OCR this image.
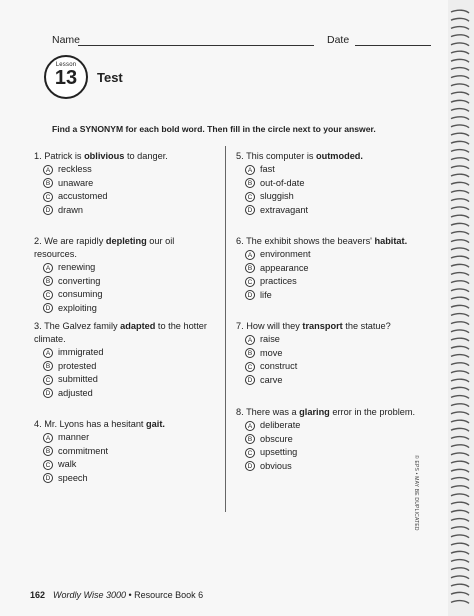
Name	Date
Lesson
13	Test
Find a SYNONYM for each bold word. Then fill in the circle next to your answer.
1. Patrick is oblivious to danger.
A reckless
B unaware
C accustomed
D drawn
2. We are rapidly depleting our oil resources.
A renewing
B converting
C consuming
D exploiting
3. The Galvez family adapted to the hotter climate.
A immigrated
B protested
C submitted
D adjusted
4. Mr. Lyons has a hesitant gait.
A manner
B commitment
C walk
D speech
5. This computer is outmoded.
A fast
B out-of-date
C sluggish
D extravagant
6. The exhibit shows the beavers' habitat.
A environment
B appearance
C practices
D life
7. How will they transport the statue?
A raise
B move
C construct
D carve
8. There was a glaring error in the problem.
A deliberate
B obscure
C upsetting
D obvious	© EPS • MAY BE DUPLICATED
162 Wordly Wise 3000 • Resource Book 6
